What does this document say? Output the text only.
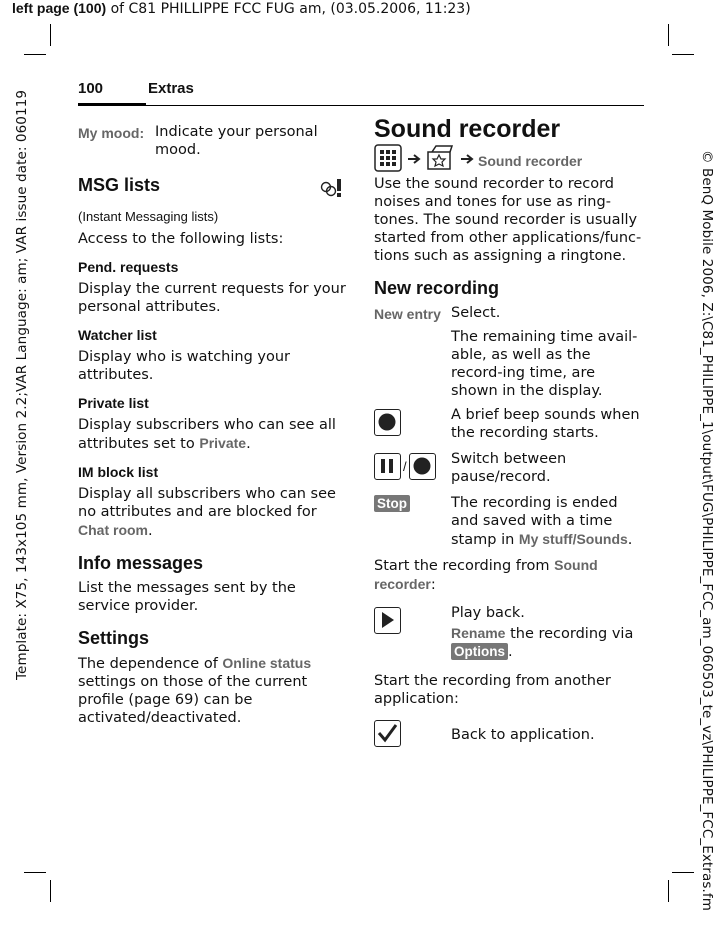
left page (100) of C81 PHILLIPPE FCC FUG am, (03.05.2006, 11:23)
Template: X75, 143x105 mm, Version 2.2;VAR Language: am; VAR issue date: 060119	© BenQ Mobile 2006, Z:\C81_PHILIPPE_1\output\FUG\PHILIPPE_FCC_am_060503_te_vz\PHILIPPE_FCC_Extras.fm
100	Extras
My mood: Indicate your personal mood.

MSG lists

(Instant Messaging lists)

Access to the following lists:

Pend. requests

Display the current requests for your personal attributes.

Watcher list

Display who is watching your attributes.

Private list

Display subscribers who can see all attributes set to Private.

IM block list

Display all subscribers who can see no attributes and are blocked for Chat room.

Info messages

List the messages sent by the service provider.

Settings

The dependence of Online status settings on those of the current profile (page 69) can be activated/deactivated.

Sound recorder

Sound recorder

Use the sound recorder to record noises and tones for use as ring-tones. The sound recorder is usually started from other applications/func-tions such as assigning a ringtone.

New recording

New entry Select.

The remaining time avail-able, as well as the record-ing time, are shown in the display.

A brief beep sounds when the recording starts.

/	Switch between pause/record.

Stop	The recording is ended and saved with a time stamp in My stuff/Sounds.

Start the recording from Sound recorder:

Play back.

Rename the recording via Options .

Start the recording from another application:

Back to application.
